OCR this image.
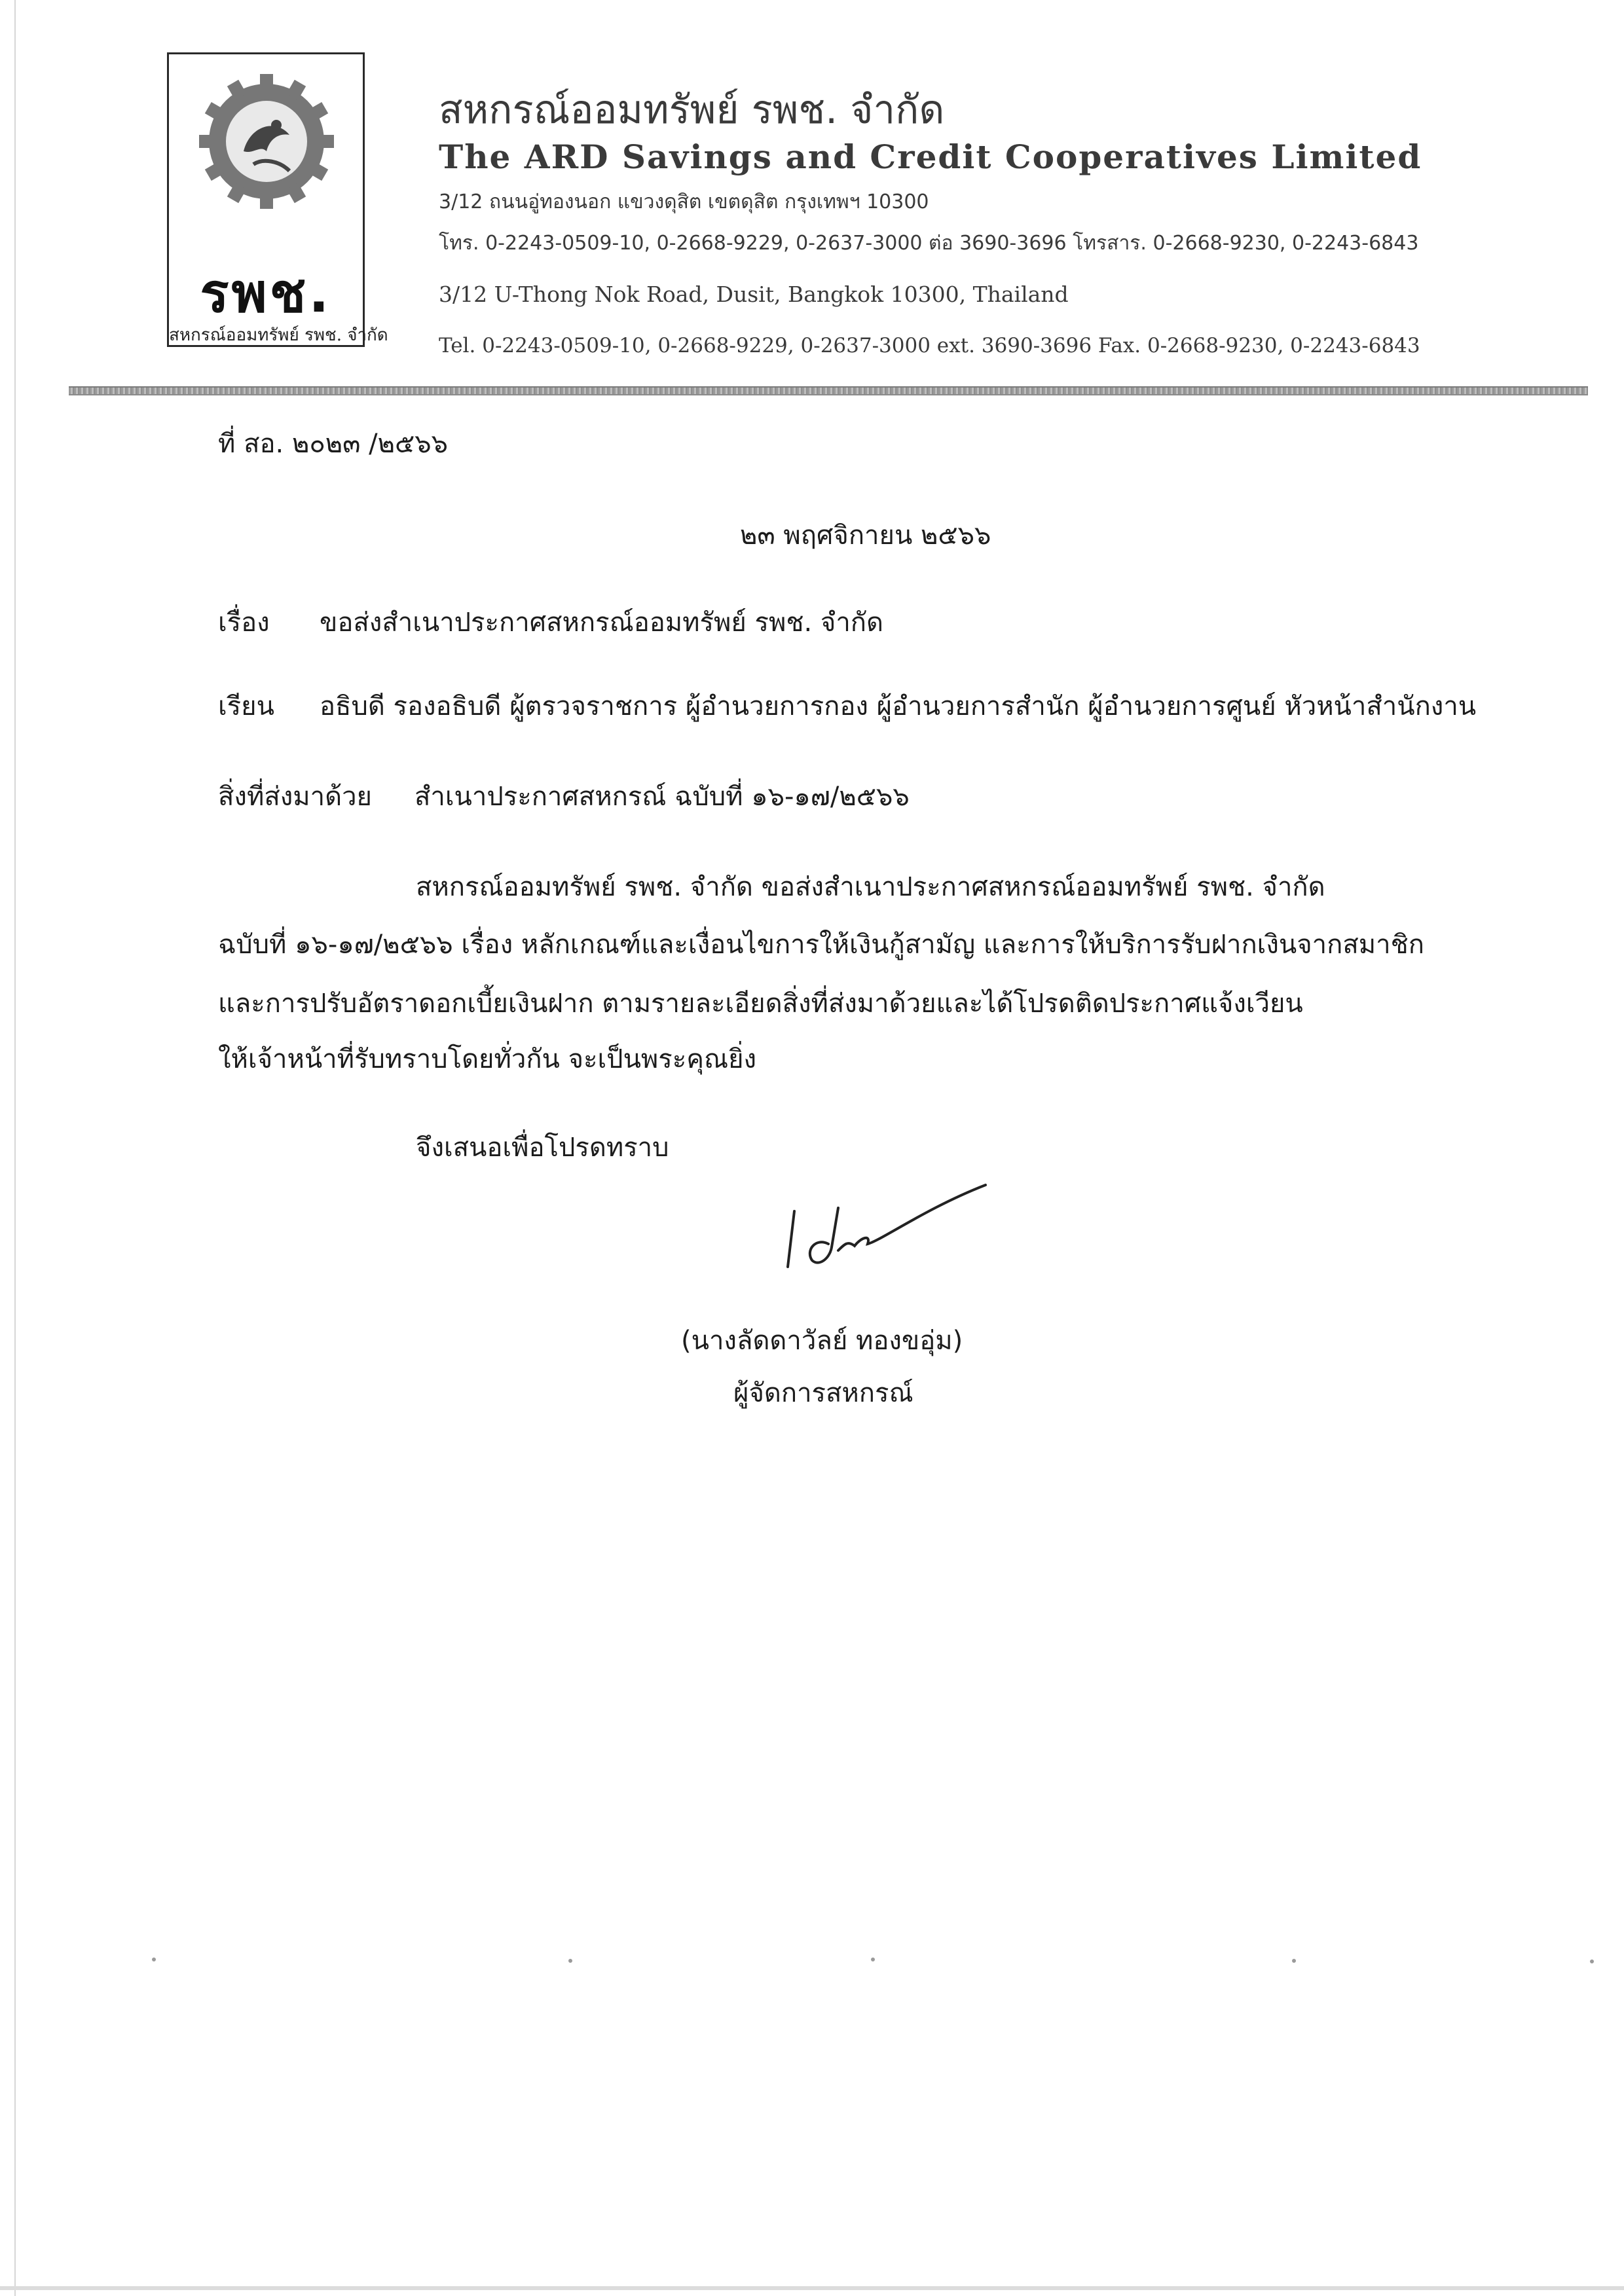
รพช.
สหกรณ์ออมทรัพย์ รพช. จำกัด
สหกรณ์ออมทรัพย์ รพช. จำกัด
The ARD Savings and Credit Cooperatives Limited
3/12 ถนนอู่ทองนอก แขวงดุสิต เขตดุสิต กรุงเทพฯ 10300
โทร. 0-2243-0509-10, 0-2668-9229, 0-2637-3000 ต่อ 3690-3696 โทรสาร. 0-2668-9230, 0-2243-6843
3/12 U-Thong Nok Road, Dusit, Bangkok 10300, Thailand
Tel. 0-2243-0509-10, 0-2668-9229, 0-2637-3000 ext. 3690-3696 Fax. 0-2668-9230, 0-2243-6843
ที่ สอ. ๒๐๒๓ /๒๕๖๖
๒๓ พฤศจิกายน ๒๕๖๖
เรื่อง ขอส่งสำเนาประกาศสหกรณ์ออมทรัพย์ รพช. จำกัด
เรียน อธิบดี รองอธิบดี ผู้ตรวจราชการ ผู้อำนวยการกอง ผู้อำนวยการสำนัก ผู้อำนวยการศูนย์ หัวหน้าสำนักงาน
สิ่งที่ส่งมาด้วย สำเนาประกาศสหกรณ์ ฉบับที่ ๑๖-๑๗/๒๕๖๖
สหกรณ์ออมทรัพย์ รพช. จำกัด ขอส่งสำเนาประกาศสหกรณ์ออมทรัพย์ รพช. จำกัด
ฉบับที่ ๑๖-๑๗/๒๕๖๖ เรื่อง หลักเกณฑ์และเงื่อนไขการให้เงินกู้สามัญ และการให้บริการรับฝากเงินจากสมาชิก
และการปรับอัตราดอกเบี้ยเงินฝาก ตามรายละเอียดสิ่งที่ส่งมาด้วยและได้โปรดติดประกาศแจ้งเวียน
ให้เจ้าหน้าที่รับทราบโดยทั่วกัน จะเป็นพระคุณยิ่ง
จึงเสนอเพื่อโปรดทราบ
(นางลัดดาวัลย์ ทองขอุ่ม)
ผู้จัดการสหกรณ์
